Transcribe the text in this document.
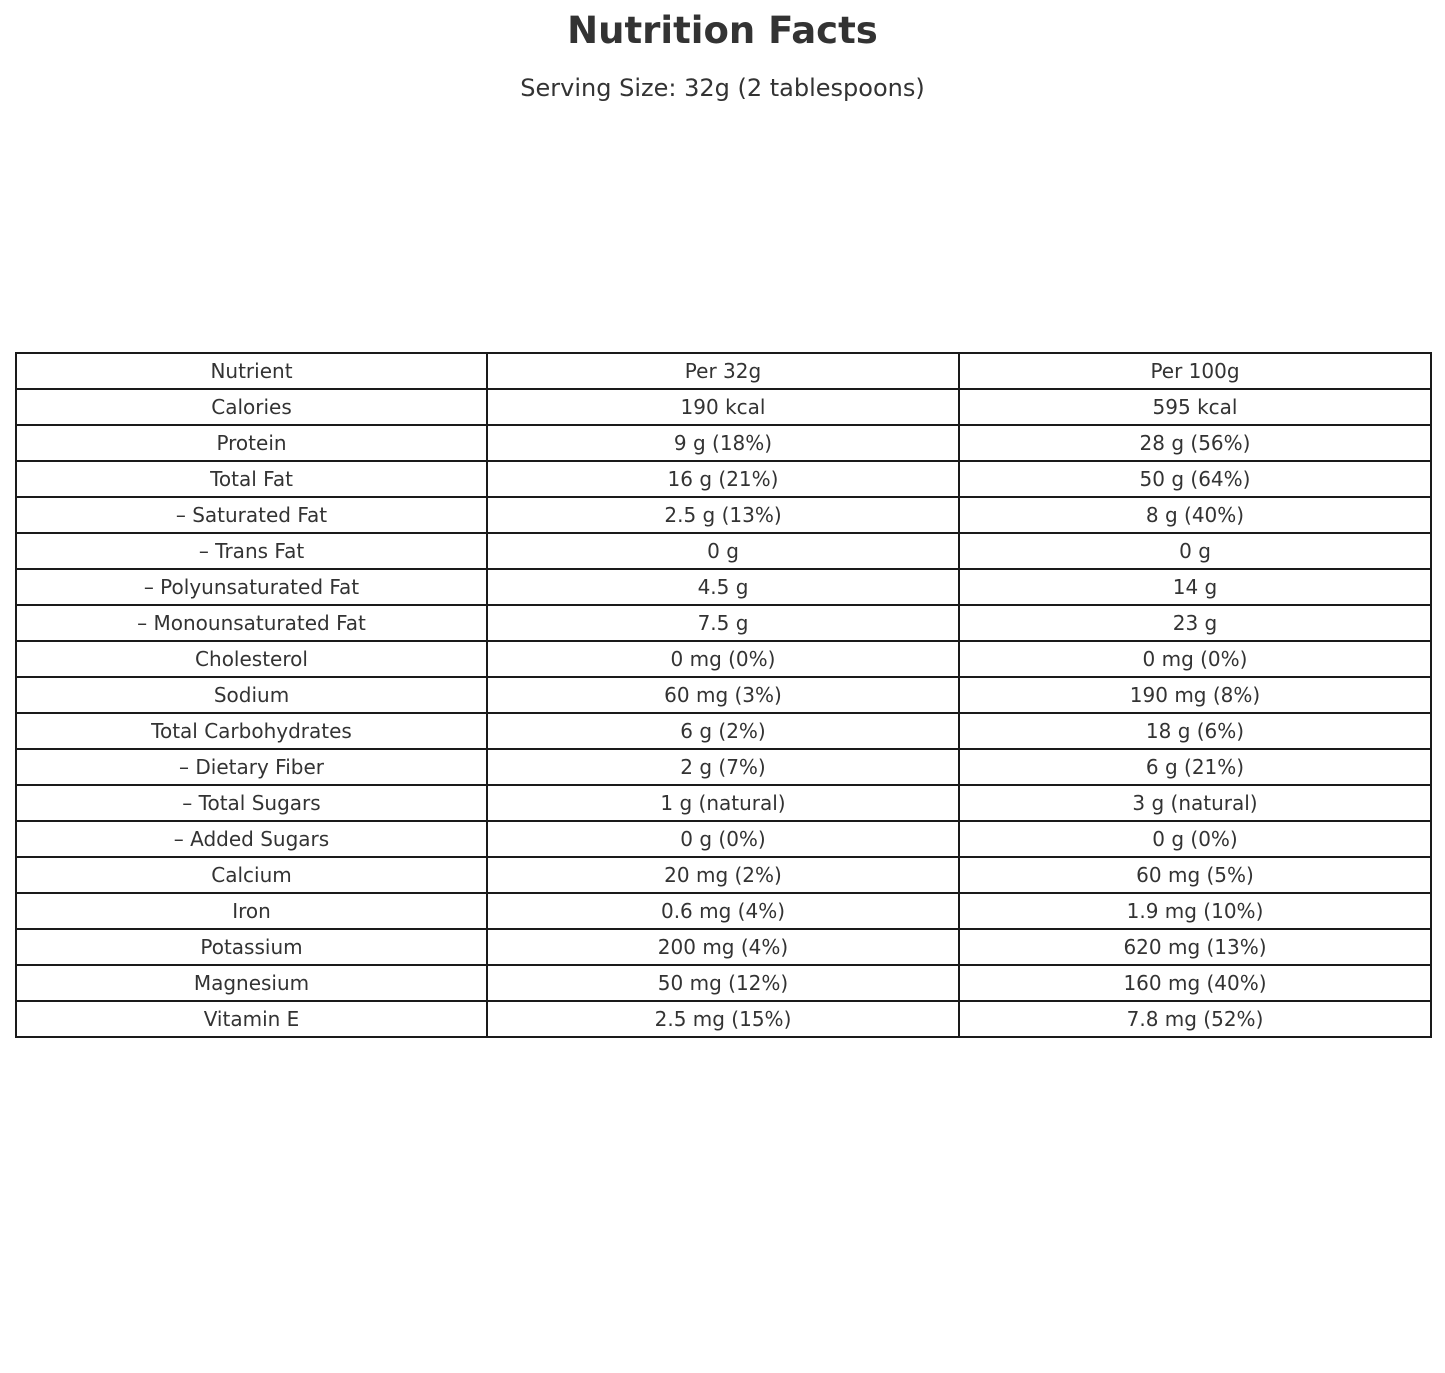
Nutrition Facts
Serving Size: 32g (2 tablespoons)
Nutrient	Per 32g	Per 100g
Calories	190 kcal	595 kcal
Protein	9 g (18%)	28 g (56%)
Total Fat	16 g (21%)	50 g (64%)
– Saturated Fat	2.5 g (13%)	8 g (40%)
– Trans Fat	0 g	0 g
– Polyunsaturated Fat	4.5 g	14 g
– Monounsaturated Fat	7.5 g	23 g
Cholesterol	0 mg (0%)	0 mg (0%)
Sodium	60 mg (3%)	190 mg (8%)
Total Carbohydrates	6 g (2%)	18 g (6%)
– Dietary Fiber	2 g (7%)	6 g (21%)
– Total Sugars	1 g (natural)	3 g (natural)
– Added Sugars	0 g (0%)	0 g (0%)
Calcium	20 mg (2%)	60 mg (5%)
Iron	0.6 mg (4%)	1.9 mg (10%)
Potassium	200 mg (4%)	620 mg (13%)
Magnesium	50 mg (12%)	160 mg (40%)
Vitamin E	2.5 mg (15%)	7.8 mg (52%)
